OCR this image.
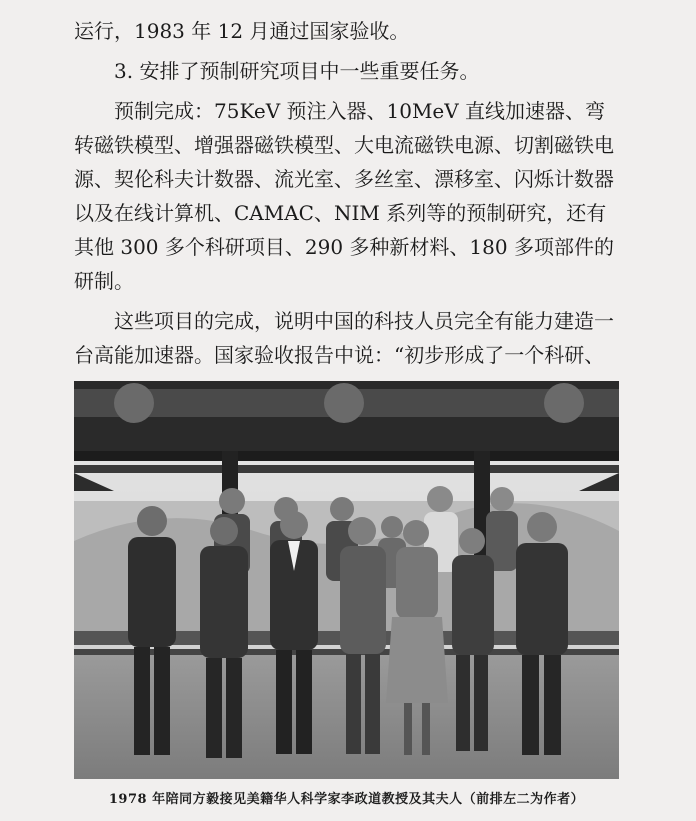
运行，1983 年 12 月通过国家验收。

3. 安排了预制研究项目中一些重要任务。

预制完成：75KeV 预注入器、10MeV 直线加速器、弯转磁铁模型、增强器磁铁模型、大电流磁铁电源、切割磁铁电源、契伦科夫计数器、流光室、多丝室、漂移室、闪烁计数器以及在线计算机、CAMAC、NIM 系列等的预制研究，还有其他 300 多个科研项目、290 多种新材料、180 多项部件的研制。

这些项目的完成，说明中国的科技人员完全有能力建造一台高能加速器。国家验收报告中说：“初步形成了一个科研、

1978 年陪同方毅接见美籍华人科学家李政道教授及其夫人（前排左二为作者）
